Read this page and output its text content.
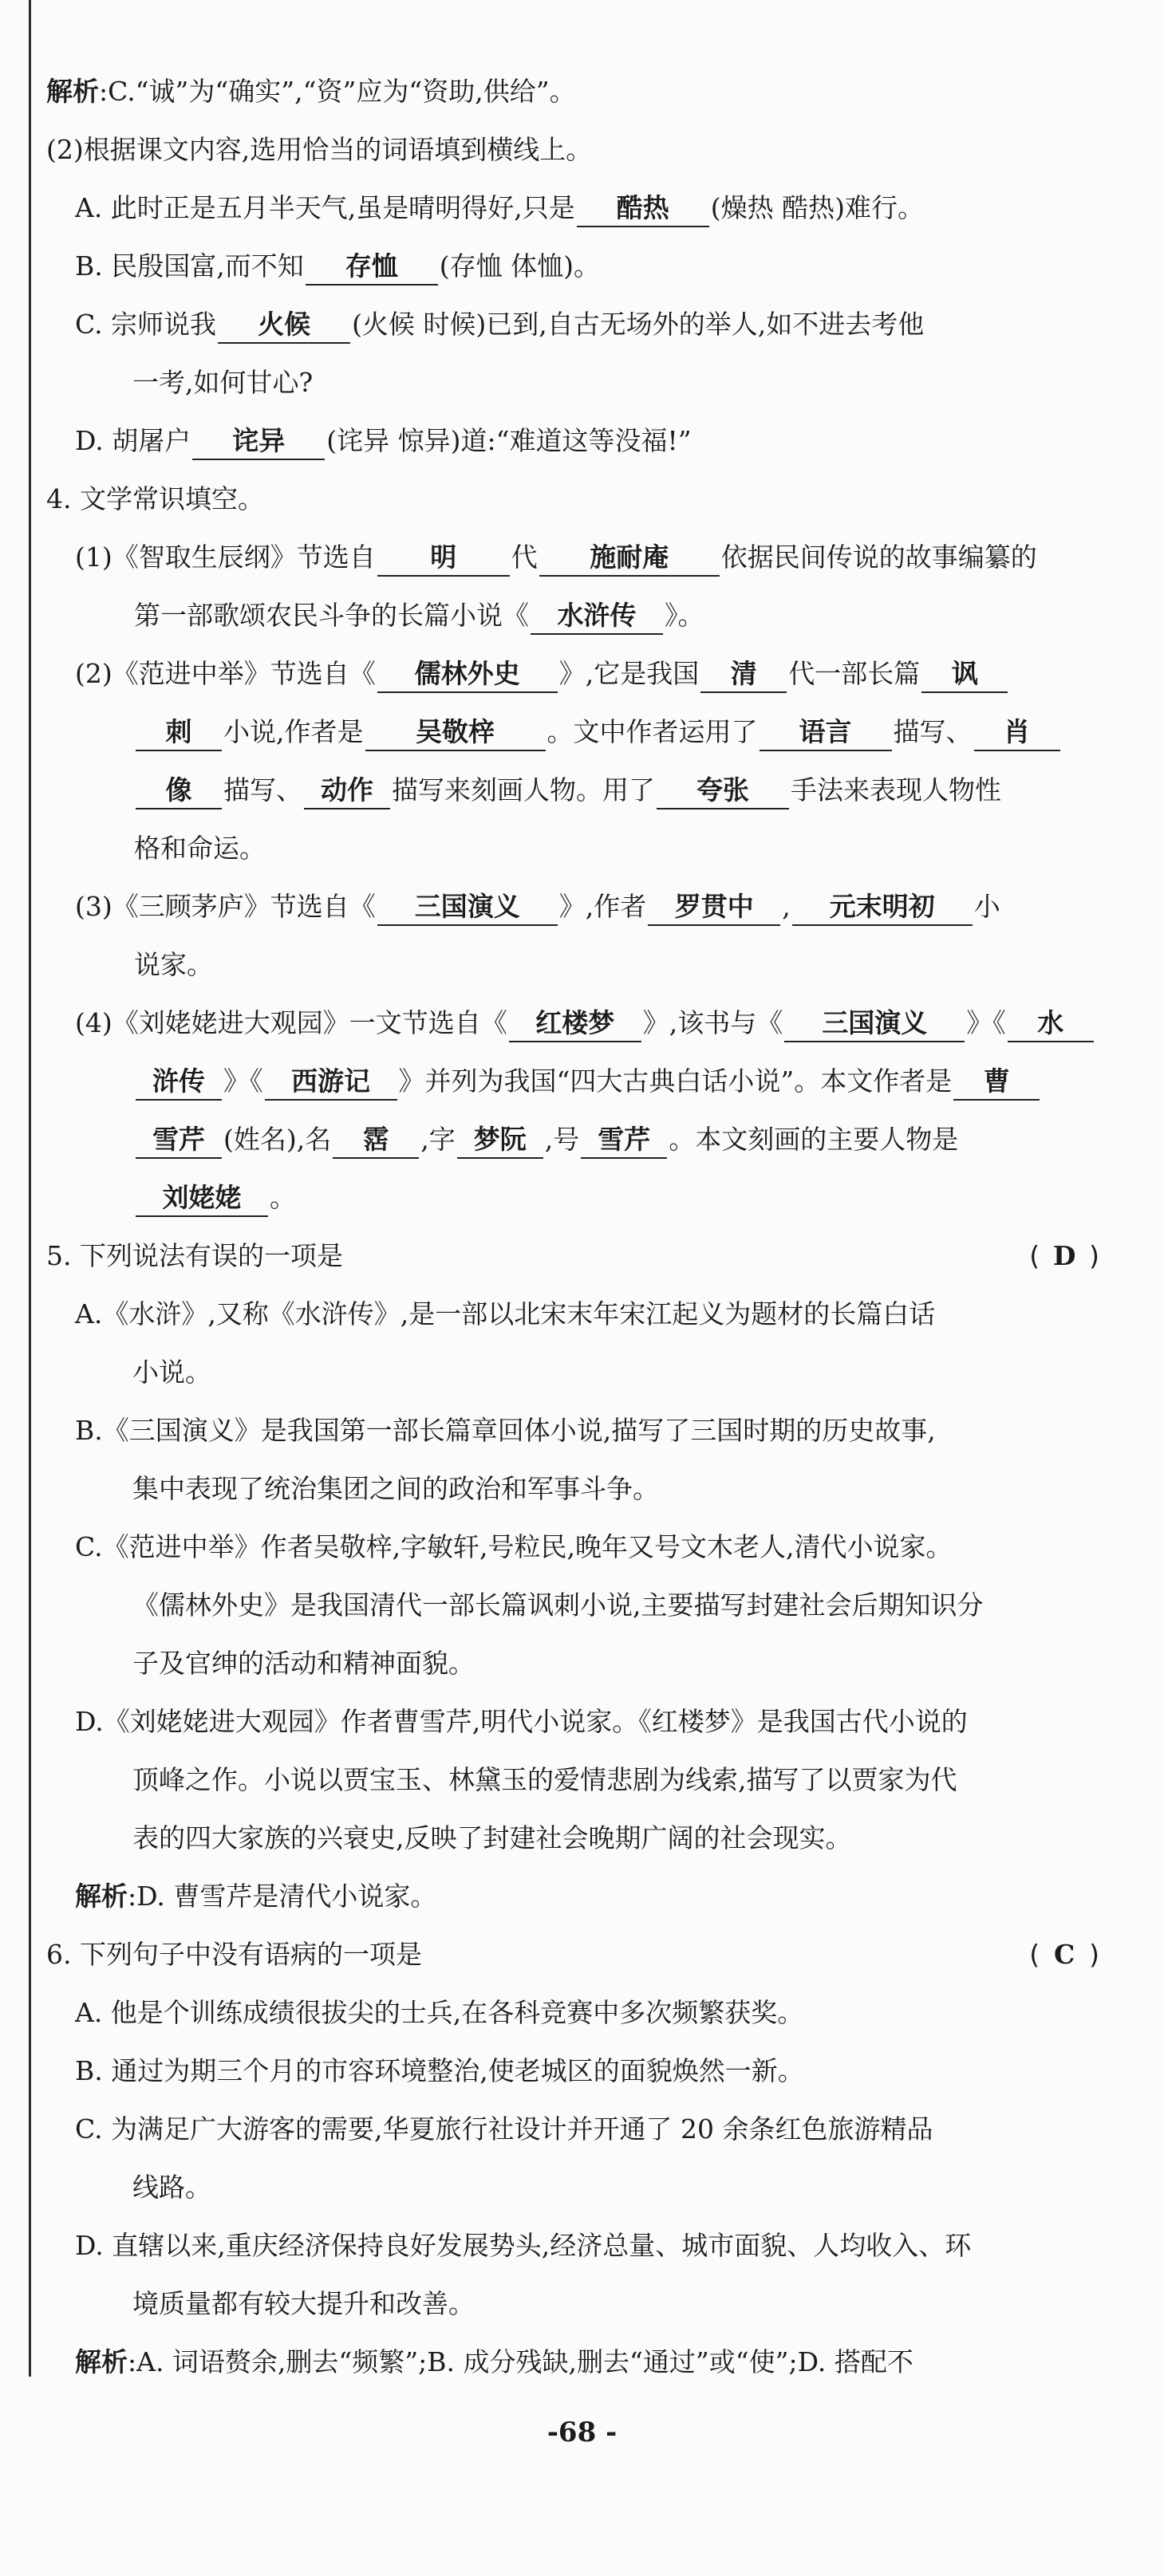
解析:C.“诚”为“确实”,“资”应为“资助,供给”。
(2)根据课文内容,选用恰当的词语填到横线上。
A. 此时正是五月半天气,虽是晴明得好,只是 酷热 (燥热 酷热)难行。
B. 民殷国富,而不知 存恤 (存恤 体恤)。
C. 宗师说我 火候 (火候 时候)已到,自古无场外的举人,如不进去考他
一考,如何甘心?
D. 胡屠户 诧异 (诧异 惊异)道:“难道这等没福!”
4. 文学常识填空。
(1)《智取生辰纲》节选自 明 代 施耐庵 依据民间传说的故事编纂的
第一部歌颂农民斗争的长篇小说《 水浒传 》。
(2)《范进中举》节选自《 儒林外史 》,它是我国 清 代一部长篇 讽
刺 小说,作者是 吴敬梓 。文中作者运用了 语言 描写、 肖
像 描写、 动作 描写来刻画人物。用了 夸张 手法来表现人物性
格和命运。
(3)《三顾茅庐》节选自《 三国演义 》,作者 罗贯中 , 元末明初 小
说家。
(4)《刘姥姥进大观园》一文节选自《 红楼梦 》,该书与《 三国演义 》《 水
浒传 》《 西游记 》并列为我国“四大古典白话小说”。本文作者是 曹
雪芹 (姓名),名 霑 ,字 梦阮 ,号 雪芹 。本文刻画的主要人物是
刘姥姥 。
5. 下列说法有误的一项是	( D )
A.《水浒》,又称《水浒传》,是一部以北宋末年宋江起义为题材的长篇白话
小说。
B.《三国演义》是我国第一部长篇章回体小说,描写了三国时期的历史故事,
集中表现了统治集团之间的政治和军事斗争。
C.《范进中举》作者吴敬梓,字敏轩,号粒民,晚年又号文木老人,清代小说家。
《儒林外史》是我国清代一部长篇讽刺小说,主要描写封建社会后期知识分
子及官绅的活动和精神面貌。
D.《刘姥姥进大观园》作者曹雪芹,明代小说家。《红楼梦》是我国古代小说的
顶峰之作。小说以贾宝玉、林黛玉的爱情悲剧为线索,描写了以贾家为代
表的四大家族的兴衰史,反映了封建社会晚期广阔的社会现实。
解析:D. 曹雪芹是清代小说家。
6. 下列句子中没有语病的一项是	( C )
A. 他是个训练成绩很拔尖的士兵,在各科竞赛中多次频繁获奖。
B. 通过为期三个月的市容环境整治,使老城区的面貌焕然一新。
C. 为满足广大游客的需要,华夏旅行社设计并开通了 20 余条红色旅游精品
线路。
D. 直辖以来,重庆经济保持良好发展势头,经济总量、城市面貌、人均收入、环
境质量都有较大提升和改善。
解析:A. 词语赘余,删去“频繁”;B. 成分残缺,删去“通过”或“使”;D. 搭配不
-68 -
